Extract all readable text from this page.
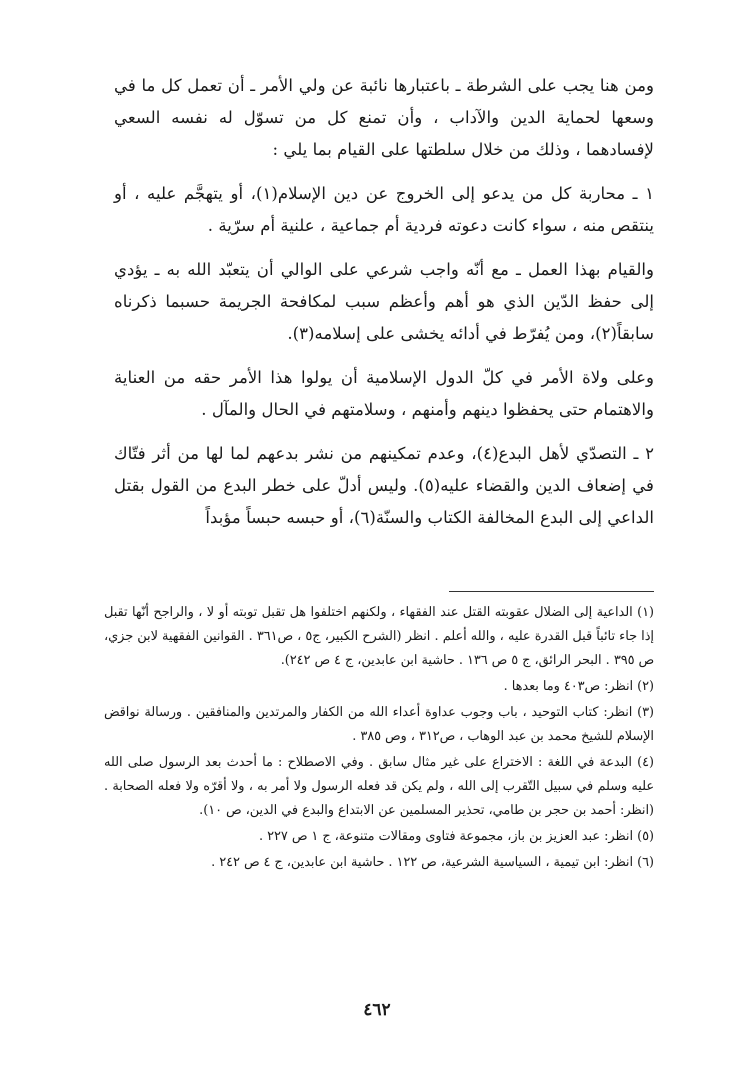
ومن هنا يجب على الشرطة ـ باعتبارها نائبة عن ولي الأمر ـ أن تعمل كل ما في وسعها لحماية الدين والآداب ، وأن تمنع كل من تسوّل له نفسه السعي لإفسادهما ، وذلك من خلال سلطتها على القيام بما يلي :

١ ـ محاربة كل من يدعو إلى الخروج عن دين الإسلام(١)، أو يتهجَّم عليه ، أو ينتقص منه ، سواء كانت دعوته فردية أم جماعية ، علنية أم سرّية .

والقيام بهذا العمل ـ مع أنّه واجب شرعي على الوالي أن يتعبّد الله به ـ يؤدي إلى حفظ الدّين الذي هو أهم وأعظم سبب لمكافحة الجريمة حسبما ذكرناه سابقاً(٢)، ومن يُفرّط في أدائه يخشى على إسلامه(٣).

وعلى ولاة الأمر في كلّ الدول الإسلامية أن يولوا هذا الأمر حقه من العناية والاهتمام حتى يحفظوا دينهم وأمنهم ، وسلامتهم في الحال والمآل .

٢ ـ التصدّي لأهل البدع(٤)، وعدم تمكينهم من نشر بدعهم لما لها من أثر فتّاك في إضعاف الدين والقضاء عليه(٥). وليس أدلّ على خطر البدع من القول بقتل الداعي إلى البدع المخالفة الكتاب والسنّة(٦)، أو حبسه حبساً مؤبداً

(١) الداعية إلى الضلال عقوبته القتل عند الفقهاء ، ولكنهم اختلفوا هل تقبل توبته أو لا ، والراجح أنّها تقبل إذا جاء تائباً قبل القدرة عليه ، والله أعلم . انظر (الشرح الكبير، ج٥ ، ص٣٦١ . القوانين الفقهية لابن جزي، ص ٣٩٥ . البحر الرائق، ج ٥ ص ١٣٦ . حاشية ابن عابدين، ج ٤ ص ٢٤٢).

(٢) انظر: ص٤٠٣ وما بعدها .

(٣) انظر: كتاب التوحيد ، باب وجوب عداوة أعداء الله من الكفار والمرتدين والمنافقين . ورسالة نواقض الإسلام للشيخ محمد بن عبد الوهاب ، ص٣١٢ ، وص ٣٨٥ .

(٤) البدعة في اللغة : الاختراع على غير مثال سابق . وفي الاصطلاح : ما أحدث بعد الرسول صلى الله عليه وسلم في سبيل التّقرب إلى الله ، ولم يكن قد فعله الرسول ولا أمر به ، ولا أقرّه ولا فعله الصحابة . (انظر: أحمد بن حجر بن طامي، تحذير المسلمين عن الابتداع والبدع في الدين، ص ١٠).

(٥) انظر: عبد العزيز بن باز، مجموعة فتاوى ومقالات متنوعة، ج ١ ص ٢٢٧ .

(٦) انظر: ابن تيمية ، السياسية الشرعية، ص ١٢٢ . حاشية ابن عابدين، ج ٤ ص ٢٤٢ .

٤٦٢
